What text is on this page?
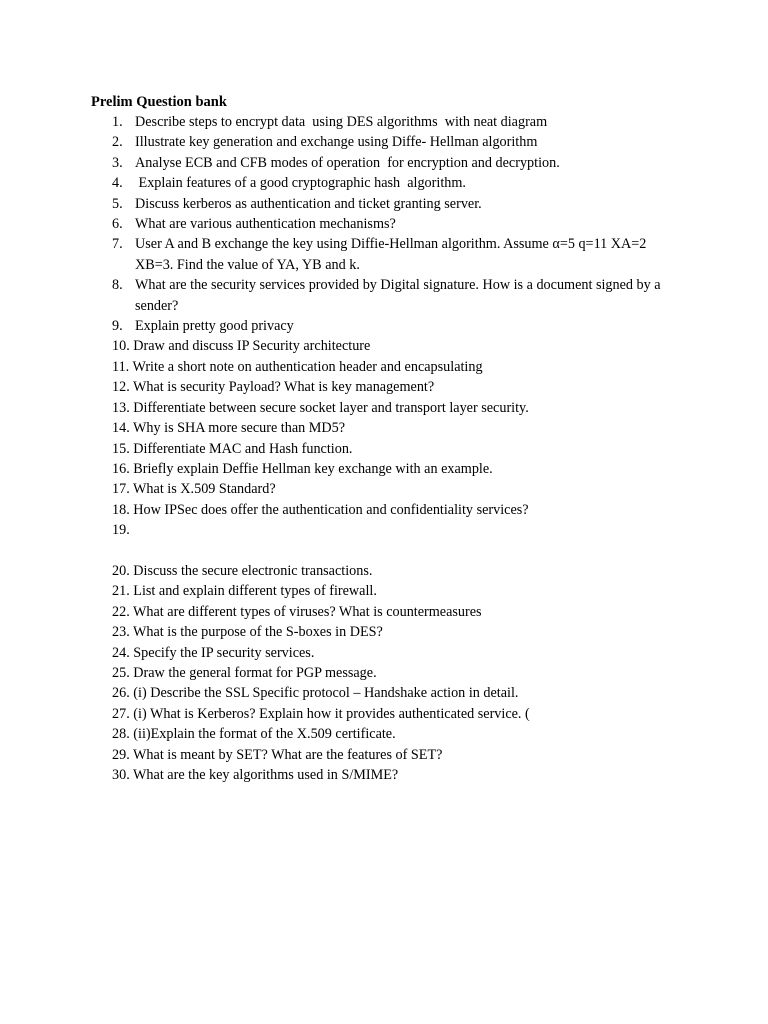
Prelim Question bank
1. Describe steps to encrypt data  using DES algorithms  with neat diagram
2. Illustrate key generation and exchange using Diffe- Hellman algorithm
3. Analyse ECB and CFB modes of operation  for encryption and decryption.
4. Explain features of a good cryptographic hash  algorithm.
5. Discuss kerberos as authentication and ticket granting server.
6. What are various authentication mechanisms?
7. User A and B exchange the key using Diffie-Hellman algorithm. Assume α=5 q=11 XA=2 XB=3. Find the value of YA, YB and k.
8. What are the security services provided by Digital signature. How is a document signed by a sender?
9. Explain pretty good privacy
10. Draw and discuss IP Security architecture
11. Write a short note on authentication header and encapsulating
12. What is security Payload? What is key management?
13. Differentiate between secure socket layer and transport layer security.
14. Why is SHA more secure than MD5?
15. Differentiate MAC and Hash function.
16. Briefly explain Deffie Hellman key exchange with an example.
17. What is X.509 Standard?
18. How IPSec does offer the authentication and confidentiality services?
19.
20. Discuss the secure electronic transactions.
21. List and explain different types of firewall.
22. What are different types of viruses? What is countermeasures
23. What is the purpose of the S-boxes in DES?
24. Specify the IP security services.
25. Draw the general format for PGP message.
26. (i) Describe the SSL Specific protocol – Handshake action in detail.
27. (i) What is Kerberos? Explain how it provides authenticated service. (
28. (ii)Explain the format of the X.509 certificate.
29. What is meant by SET? What are the features of SET?
30. What are the key algorithms used in S/MIME?
